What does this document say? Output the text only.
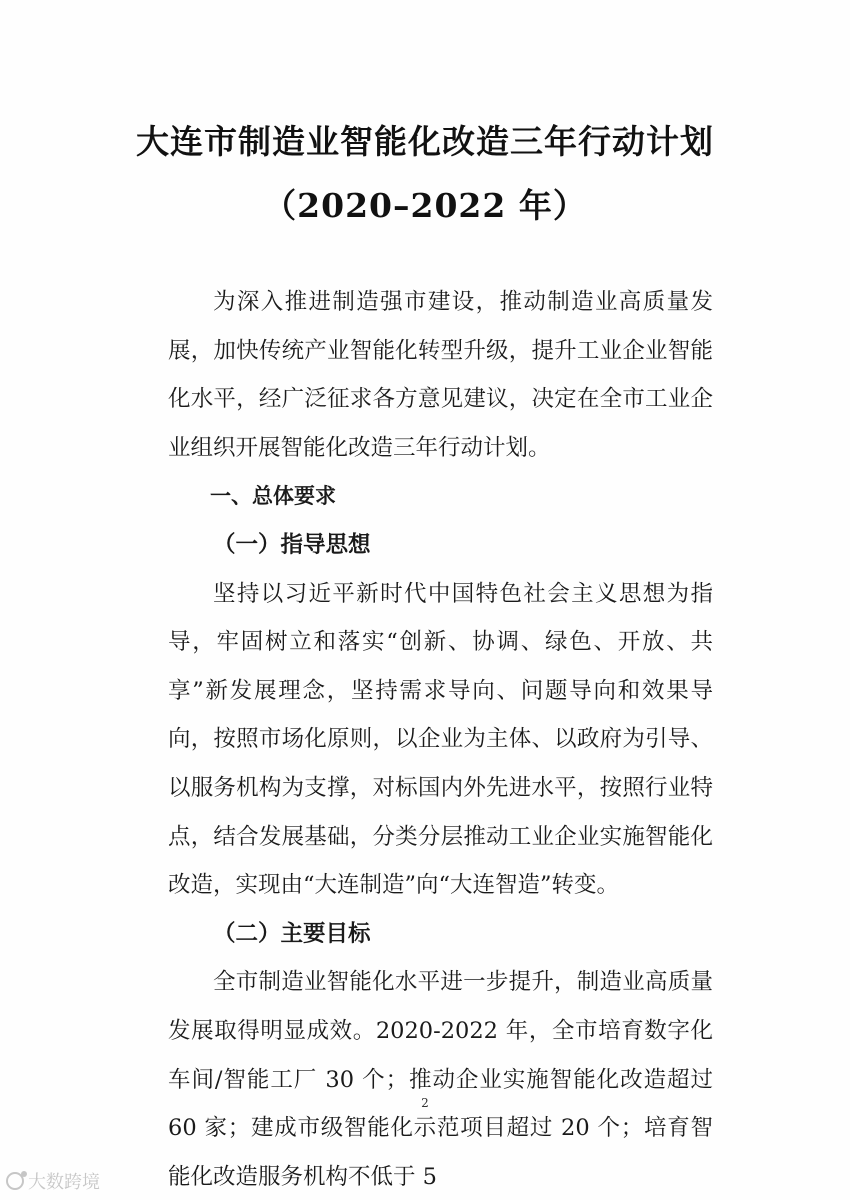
大连市制造业智能化改造三年行动计划
（2020–2022 年）

为深入推进制造强市建设，推动制造业高质量发展，加快传统产业智能化转型升级，提升工业企业智能化水平，经广泛征求各方意见建议，决定在全市工业企业组织开展智能化改造三年行动计划。

一、总体要求

（一）指导思想

坚持以习近平新时代中国特色社会主义思想为指导，牢固树立和落实“创新、协调、绿色、开放、共享”新发展理念，坚持需求导向、问题导向和效果导向，按照市场化原则，以企业为主体、以政府为引导、以服务机构为支撑，对标国内外先进水平，按照行业特点，结合发展基础，分类分层推动工业企业实施智能化改造，实现由“大连制造”向“大连智造”转变。

（二）主要目标

全市制造业智能化水平进一步提升，制造业高质量发展取得明显成效。2020-2022 年，全市培育数字化车间/智能工厂 30 个；推动企业实施智能化改造超过 60 家；建成市级智能化示范项目超过 20 个；培育智能化改造服务机构不低于 5

2
大数跨境
